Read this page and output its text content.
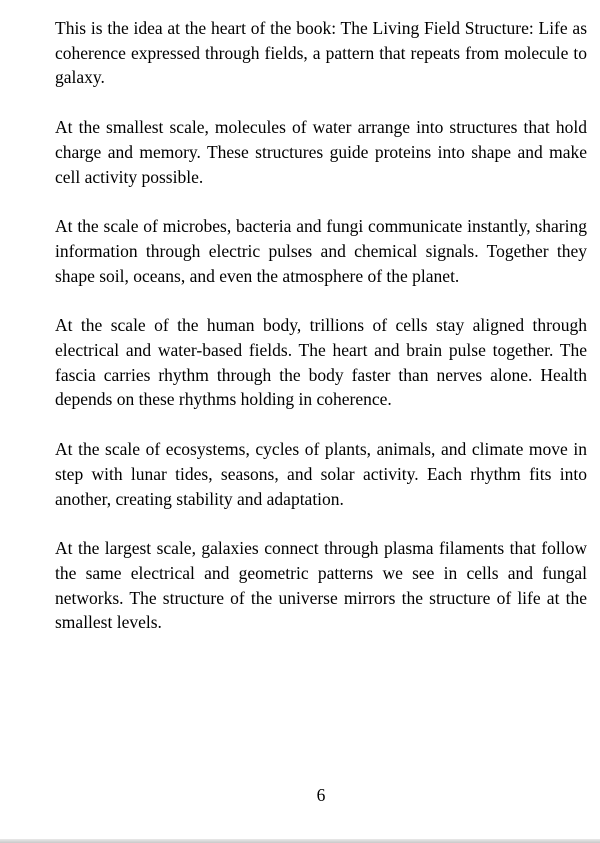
This is the idea at the heart of the book: The Living Field Structure: Life as coherence expressed through fields, a pattern that repeats from molecule to galaxy.

At the smallest scale, molecules of water arrange into structures that hold charge and memory. These structures guide proteins into shape and make cell activity possible.

At the scale of microbes, bacteria and fungi communicate instantly, sharing information through electric pulses and chemical signals. Together they shape soil, oceans, and even the atmosphere of the planet.

At the scale of the human body, trillions of cells stay aligned through electrical and water-based fields. The heart and brain pulse together. The fascia carries rhythm through the body faster than nerves alone. Health depends on these rhythms holding in coherence.

At the scale of ecosystems, cycles of plants, animals, and climate move in step with lunar tides, seasons, and solar activity. Each rhythm fits into another, creating stability and adaptation.

At the largest scale, galaxies connect through plasma filaments that follow the same electrical and geometric patterns we see in cells and fungal networks. The structure of the universe mirrors the structure of life at the smallest levels.

6
